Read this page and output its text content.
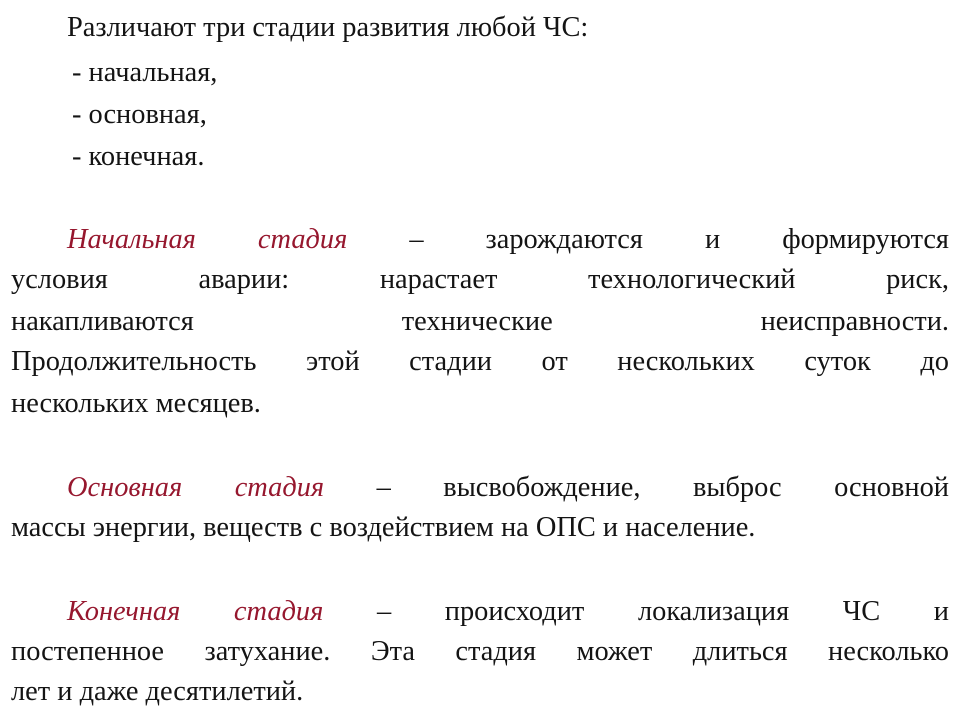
Различают три стадии развития любой ЧС:
- начальная,
- основная,
- конечная.
Начальная стадия – зарождаются и формируются
условия аварии: нарастает технологический риск,
накапливаются технические неисправности.
Продолжительность этой стадии от нескольких суток до
нескольких месяцев.
Основная стадия – высвобождение, выброс основной
массы энергии, веществ с воздействием на ОПС и население.
Конечная стадия – происходит локализация ЧС и
постепенное затухание. Эта стадия может длиться несколько
лет и даже десятилетий.
